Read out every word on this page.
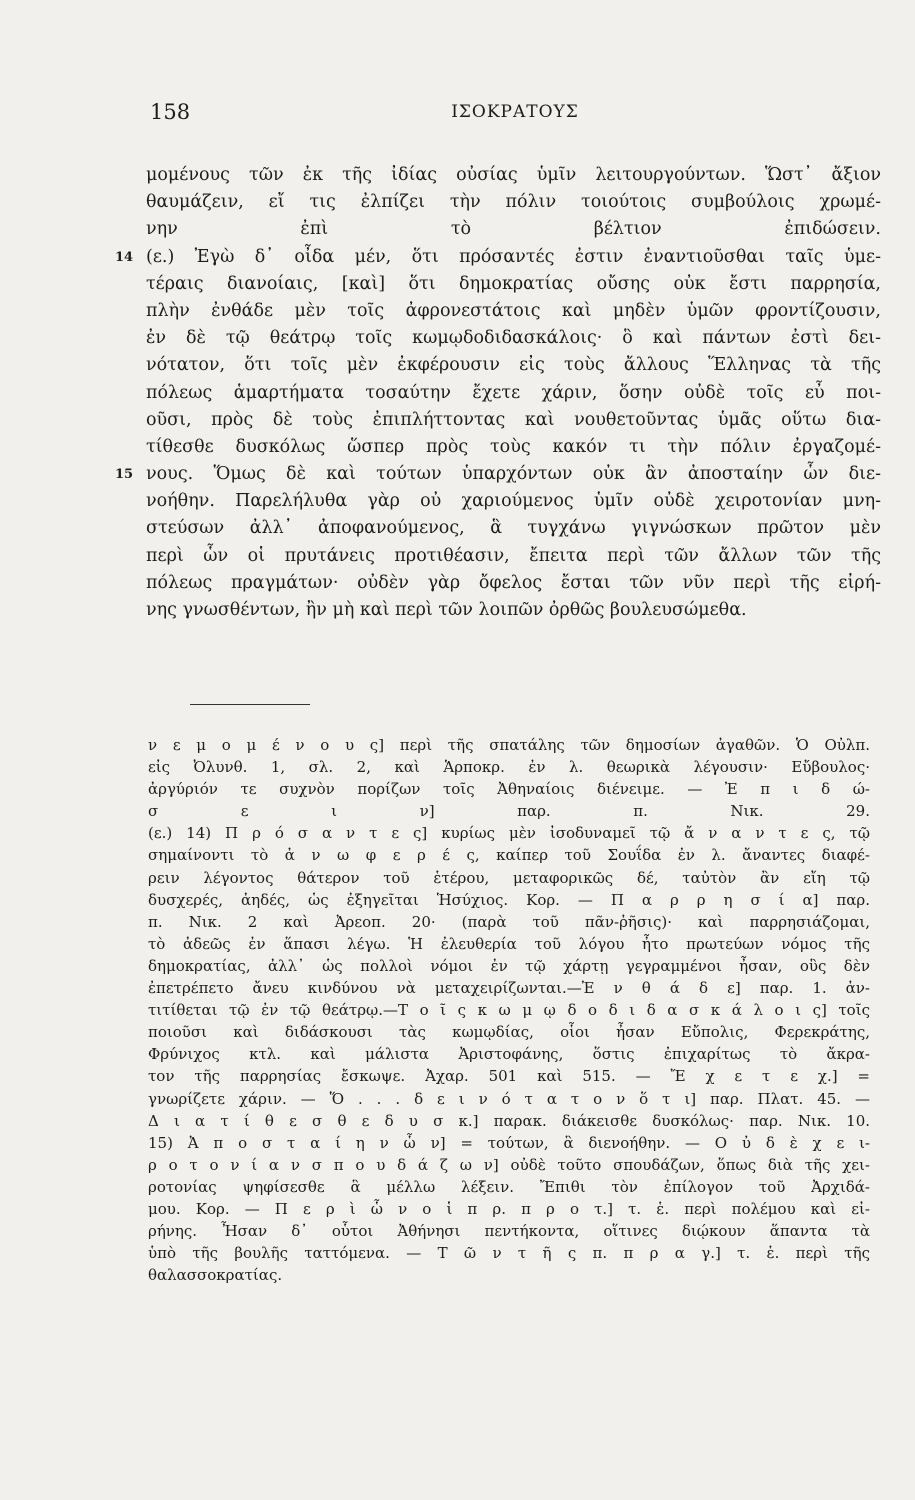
158	ΙΣΟΚΡΑΤΟΥΣ
μομένους τῶν ἐκ τῆς ἰδίας οὐσίας ὑμῖν λειτουργούντων. Ὥστ᾽ ἄξιον
θαυμάζειν, εἴ τις ἐλπίζει τὴν πόλιν τοιούτοις συμβούλοις χρωμέ-
νην ἐπὶ τὸ βέλτιον ἐπιδώσειν.
14 (ε.) Ἐγὼ δ᾽ οἶδα μέν, ὅτι πρόσαντές ἐστιν ἐναντιοῦσθαι ταῖς ὑμε-
τέραις διανοίαις, [καὶ] ὅτι δημοκρατίας οὔσης οὐκ ἔστι παρρησία,
πλὴν ἐνθάδε μὲν τοῖς ἀφρονεστάτοις καὶ μηδὲν ὑμῶν φροντίζουσιν,
ἐν δὲ τῷ θεάτρῳ τοῖς κωμῳδοδιδασκάλοις· ὃ καὶ πάντων ἐστὶ δει-
νότατον, ὅτι τοῖς μὲν ἐκφέρουσιν εἰς τοὺς ἄλλους Ἕλληνας τὰ τῆς
πόλεως ἁμαρτήματα τοσαύτην ἔχετε χάριν, ὅσην οὐδὲ τοῖς εὖ ποι-
οῦσι, πρὸς δὲ τοὺς ἐπιπλήττοντας καὶ νουθετοῦντας ὑμᾶς οὕτω δια-
τίθεσθε δυσκόλως ὥσπερ πρὸς τοὺς κακόν τι τὴν πόλιν ἐργαζομέ-
15 νους. Ὅμως δὲ καὶ τούτων ὑπαρχόντων οὐκ ἂν ἀποσταίην ὧν διε-
νοήθην. Παρελήλυθα γὰρ οὐ χαριούμενος ὑμῖν οὐδὲ χειροτονίαν μνη-
στεύσων ἀλλ᾽ ἀποφανούμενος, ἃ τυγχάνω γιγνώσκων πρῶτον μὲν
περὶ ὧν οἱ πρυτάνεις προτιθέασιν, ἔπειτα περὶ τῶν ἄλλων τῶν τῆς
πόλεως πραγμάτων· οὐδὲν γὰρ ὄφελος ἔσται τῶν νῦν περὶ τῆς εἰρή-
νης γνωσθέντων, ἢν μὴ καὶ περὶ τῶν λοιπῶν ὀρθῶς βουλευσώμεθα.
ν ε μ ο μ έ ν ο υ ς] περὶ τῆς σπατάλης τῶν δημοσίων ἀγαθῶν. Ὁ Οὐλπ.
εἰς Ὀλυνθ. 1, σλ. 2, καὶ Ἁρποκρ. ἐν λ. θεωρικὰ λέγουσιν· Εὔβουλος·
ἀργύριόν τε συχνὸν πορίζων τοῖς Ἀθηναίοις διένειμε. — Ἐ π ι δ ώ-
σ ε ι ν] παρ. π. Νικ. 29.
(ε.) 14) Π ρ ό σ α ν τ ε ς] κυρίως μὲν ἰσοδυναμεῖ τῷ ἄ ν α ν τ ε ς, τῷ
σημαίνοντι τὸ ἀ ν ω φ ε ρ έ ς, καίπερ τοῦ Σουΐδα ἐν λ. ἄναντες διαφέ-
ρειν λέγοντος θάτερον τοῦ ἑτέρου, μεταφορικῶς δέ, ταὐτὸν ἂν εἴη τῷ
δυσχερές, ἀηδές, ὡς ἐξηγεῖται Ἡσύχιος. Κορ. — Π α ρ ρ η σ ί α] παρ.
π. Νικ. 2 καὶ Ἀρεοπ. 20· (παρὰ τοῦ πᾶν-ῥῆσις)· καὶ παρρησιάζομαι,
τὸ ἀδεῶς ἐν ἅπασι λέγω. Ἡ ἐλευθερία τοῦ λόγου ἦτο πρωτεύων νόμος τῆς
δημοκρατίας, ἀλλ᾽ ὡς πολλοὶ νόμοι ἐν τῷ χάρτῃ γεγραμμένοι ἦσαν, οὓς δὲν
ἐπετρέπετο ἄνευ κινδύνου νὰ μεταχειρίζωνται.—Ἐ ν θ ά δ ε] παρ. 1. ἀν-
τιτίθεται τῷ ἐν τῷ θεάτρῳ.—Τ ο ῖ ς κ ω μ ῳ δ ο δ ι δ α σ κ ά λ ο ι ς] τοῖς
ποιοῦσι καὶ διδάσκουσι τὰς κωμῳδίας, οἷοι ἦσαν Εὔπολις, Φερεκράτης,
Φρύνιχος κτλ. καὶ μάλιστα Ἀριστοφάνης, ὅστις ἐπιχαρίτως τὸ ἄκρα-
τον τῆς παρρησίας ἔσκωψε. Ἀχαρ. 501 καὶ 515. — Ἔ χ ε τ ε χ.] =
γνωρίζετε χάριν. — Ὅ . . . δ ε ι ν ό τ α τ ο ν ὅ τ ι] παρ. Πλατ. 45. —
Δ ι α τ ί θ ε σ θ ε δ υ σ κ.] παρακ. διάκεισθε δυσκόλως· παρ. Νικ. 10.
15) Ἀ π ο σ τ α ί η ν ὧ ν] = τούτων, ἃ διενοήθην. — Ο ὐ δ ὲ χ ε ι-
ρ ο τ ο ν ί α ν σ π ο υ δ ά ζ ω ν] οὐδὲ τοῦτο σπουδάζων, ὅπως διὰ τῆς χει-
ροτονίας ψηφίσεσθε ἃ μέλλω λέξειν. Ἔπιθι τὸν ἐπίλογον τοῦ Ἀρχιδά-
μου. Κορ. — Π ε ρ ὶ ὧ ν ο ἱ π ρ. π ρ ο τ.] τ. ἑ. περὶ πολέμου καὶ εἰ-
ρήνης. Ἦσαν δ᾽ οὗτοι Ἀθήνησι πεντήκοντα, οἵτινες διῴκουν ἅπαντα τὰ
ὑπὸ τῆς βουλῆς ταττόμενα. — Τ ῶ ν τ ῆ ς π. π ρ α γ.] τ. ἑ. περὶ τῆς
θαλασσοκρατίας.
